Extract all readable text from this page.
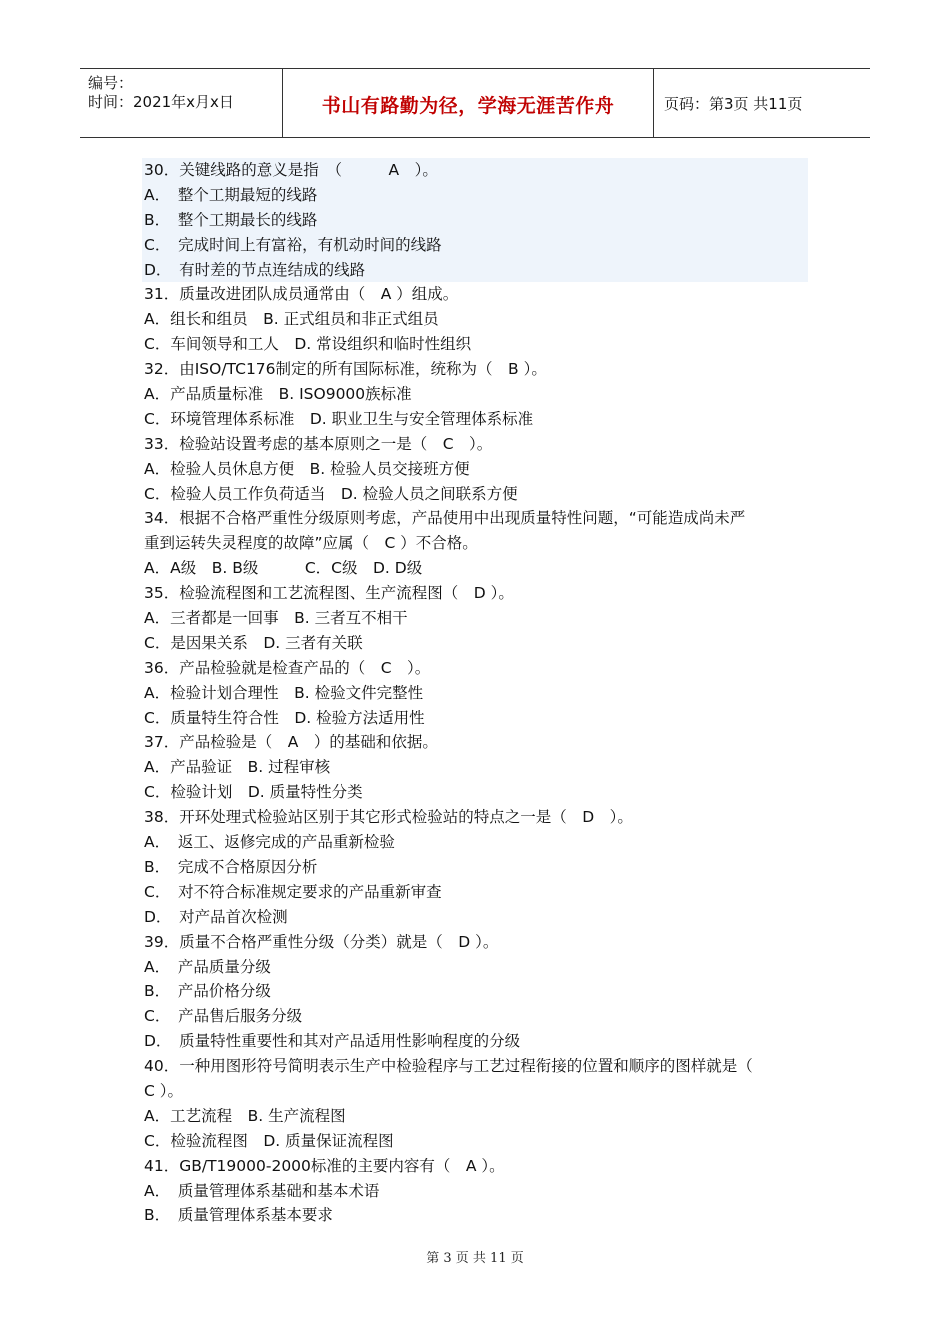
编号：
时间：2021年x月x日	书山有路勤为径，学海无涯苦作舟	页码：第3页 共11页
30．关键线路的意义是指　（　　　A　）。
A．　整个工期最短的线路
B．　整个工期最长的线路
C．　完成时间上有富裕，有机动时间的线路
D．　有时差的节点连结成的线路
31．质量改进团队成员通常由（　A ）组成。
A．组长和组员　B. 正式组员和非正式组员
C．车间领导和工人　D. 常设组织和临时性组织
32．由ISO/TC176制定的所有国际标准，统称为（　B ）。
A．产品质量标准　B. ISO9000族标准
C．环境管理体系标准　D. 职业卫生与安全管理体系标准
33．检验站设置考虑的基本原则之一是（　C　）。
A．检验人员休息方便　B. 检验人员交接班方便
C．检验人员工作负荷适当　D. 检验人员之间联系方便
34．根据不合格严重性分级原则考虑，产品使用中出现质量特性问题，“可能造成尚未严
重到运转失灵程度的故障”应属（　C ）不合格。
A．A级　B. B级　　　C．C级　D. D级
35．检验流程图和工艺流程图、生产流程图（　D ）。
A．三者都是一回事　B. 三者互不相干
C．是因果关系　D. 三者有关联
36．产品检验就是检查产品的（　C　）。
A．检验计划合理性　B. 检验文件完整性
C．质量特生符合性　D. 检验方法适用性
37．产品检验是（　A　）的基础和依据。
A．产品验证　B. 过程审核
C．检验计划　D. 质量特性分类
38．开环处理式检验站区别于其它形式检验站的特点之一是（　D　）。
A．　返工、返修完成的产品重新检验
B．　完成不合格原因分析
C．　对不符合标准规定要求的产品重新审查
D．　对产品首次检测
39．质量不合格严重性分级（分类）就是（　D ）。
A．　产品质量分级
B．　产品价格分级
C．　产品售后服务分级
D．　质量特性重要性和其对产品适用性影响程度的分级
40．一种用图形符号简明表示生产中检验程序与工艺过程衔接的位置和顺序的图样就是（
C ）。
A．工艺流程　B. 生产流程图
C．检验流程图　D. 质量保证流程图
41．GB/T19000-2000标准的主要内容有（　A ）。
A．　质量管理体系基础和基本术语
B．　质量管理体系基本要求
第 3 页 共 11 页
